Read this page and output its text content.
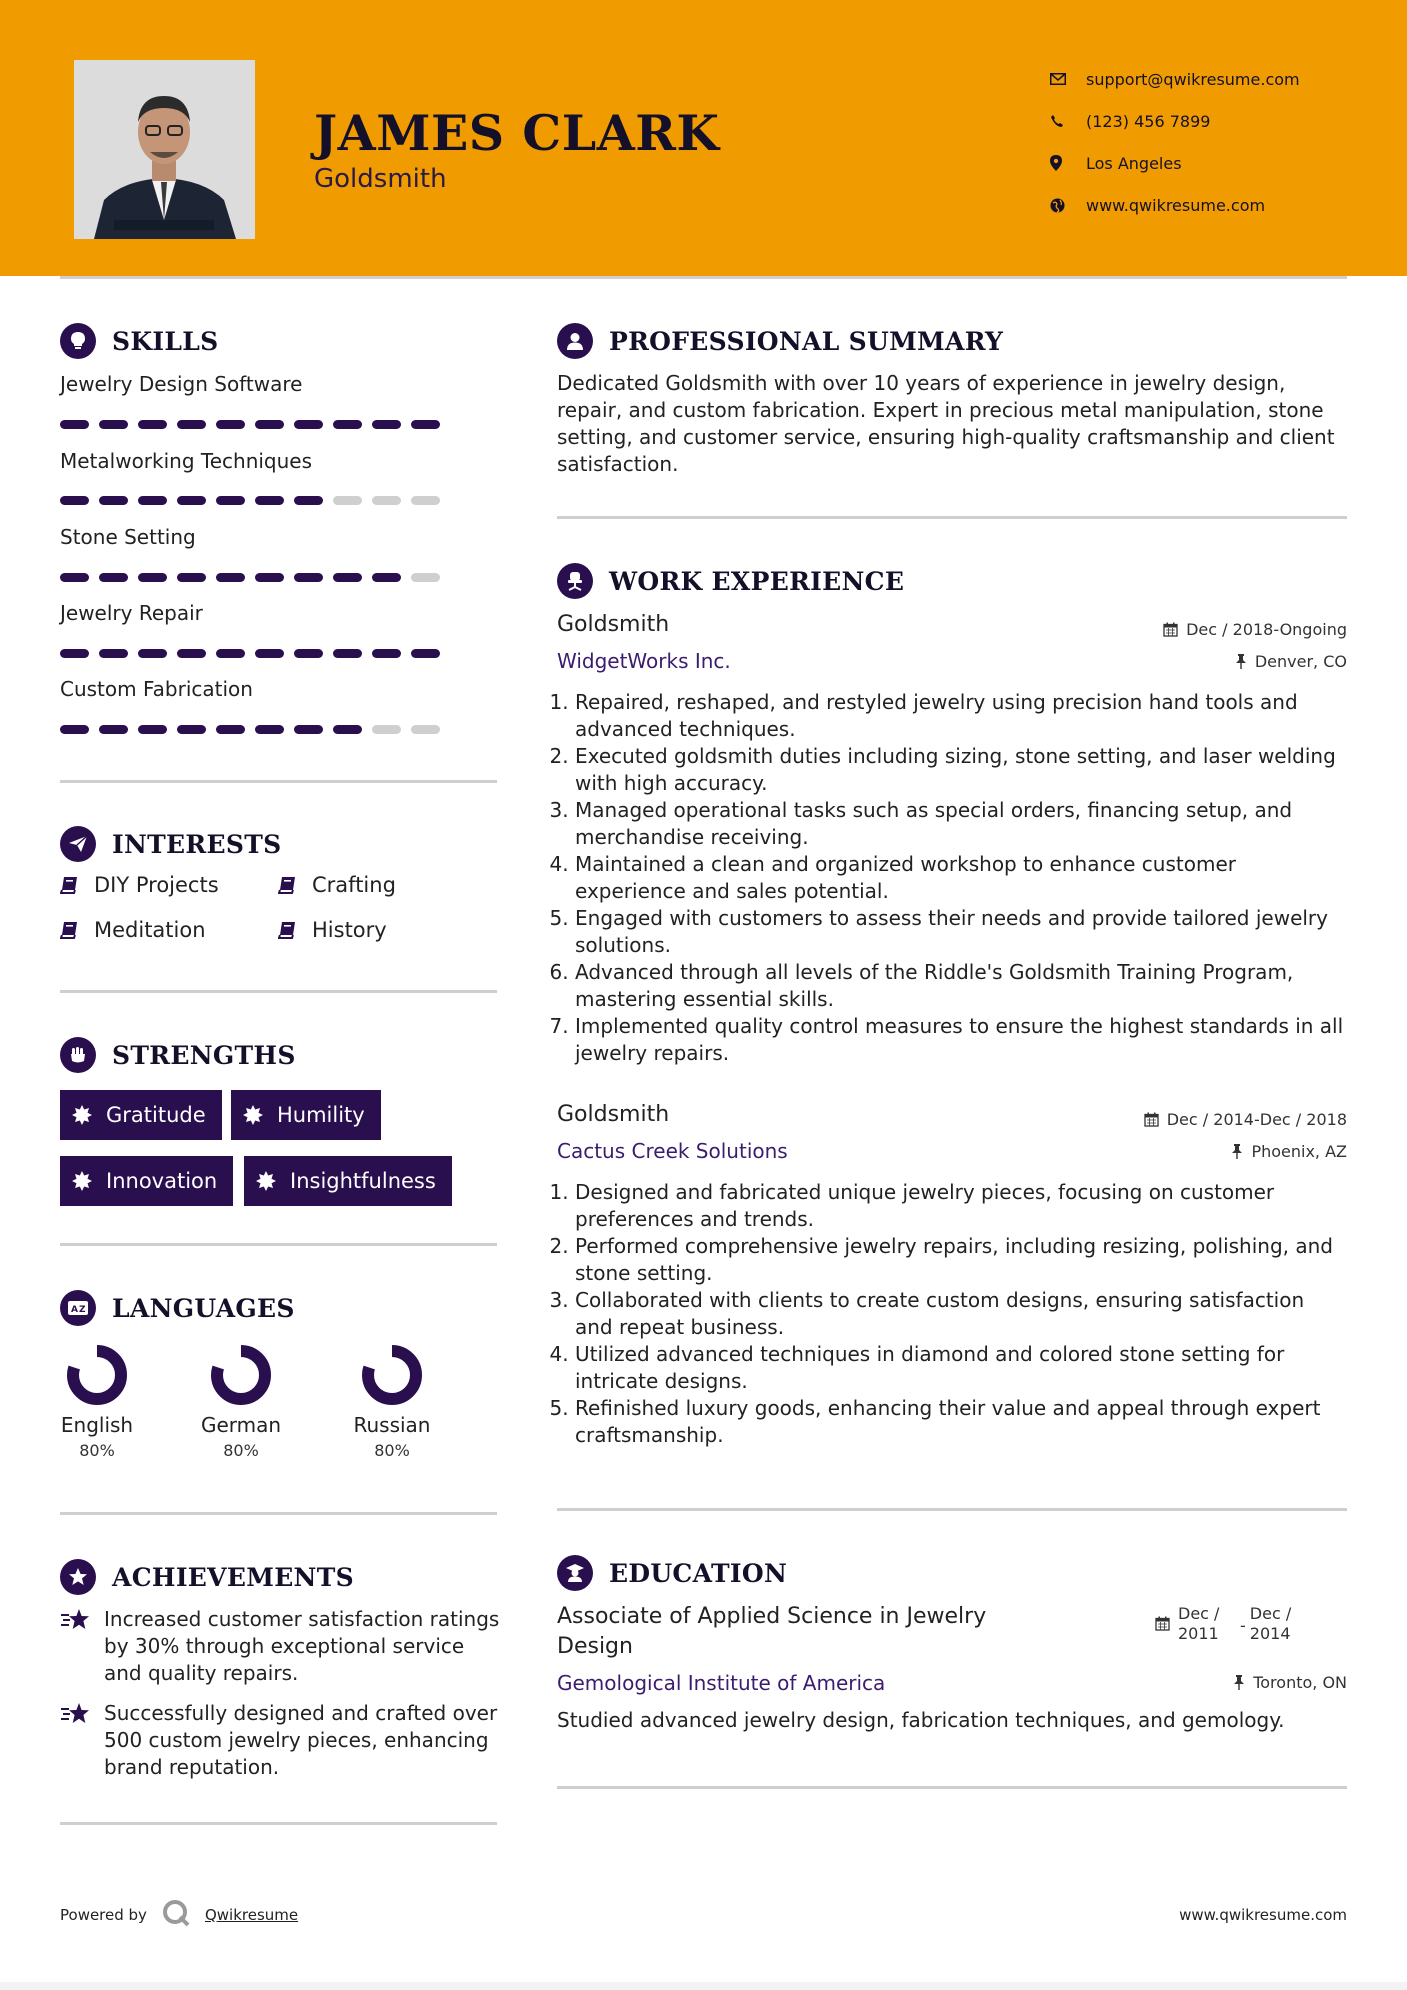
JAMES CLARK
Goldsmith
support@qwikresume.com
(123) 456 7899
Los Angeles
www.qwikresume.com
SKILLS
Jewelry Design Software
Metalworking Techniques
Stone Setting
Jewelry Repair
Custom Fabrication
INTERESTS
DIY Projects	Crafting
Meditation	History
STRENGTHS
Gratitude	Humility
Innovation	Insightfulness
A Z LANGUAGES
English
80%
German
80%
Russian
80%
ACHIEVEMENTS
Increased customer satisfaction ratings by 30% through exceptional service and quality repairs.
Successfully designed and crafted over 500 custom jewelry pieces, enhancing brand reputation.
PROFESSIONAL SUMMARY
Dedicated Goldsmith with over 10 years of experience in jewelry design, repair, and custom fabrication. Expert in precious metal manipulation, stone setting, and customer service, ensuring high-quality craftsmanship and client satisfaction.
WORK EXPERIENCE
Goldsmith	Dec / 2018-Ongoing
WidgetWorks Inc.	Denver, CO
1. Repaired, reshaped, and restyled jewelry using precision hand tools and advanced techniques.
2. Executed goldsmith duties including sizing, stone setting, and laser welding with high accuracy.
3. Managed operational tasks such as special orders, financing setup, and merchandise receiving.
4. Maintained a clean and organized workshop to enhance customer experience and sales potential.
5. Engaged with customers to assess their needs and provide tailored jewelry solutions.
6. Advanced through all levels of the Riddle's Goldsmith Training Program, mastering essential skills.
7. Implemented quality control measures to ensure the highest standards in all jewelry repairs.
Goldsmith	Dec / 2014-Dec / 2018
Cactus Creek Solutions	Phoenix, AZ
1. Designed and fabricated unique jewelry pieces, focusing on customer preferences and trends.
2. Performed comprehensive jewelry repairs, including resizing, polishing, and stone setting.
3. Collaborated with clients to create custom designs, ensuring satisfaction and repeat business.
4. Utilized advanced techniques in diamond and colored stone setting for intricate designs.
5. Refinished luxury goods, enhancing their value and appeal through expert craftsmanship.
EDUCATION
Associate of Applied Science in Jewelry Design
Dec / 2011	-
Dec / 2014
Gemological Institute of America	Toronto, ON
Studied advanced jewelry design, fabrication techniques, and gemology.
Powered by	Qwikresume	www.qwikresume.com
